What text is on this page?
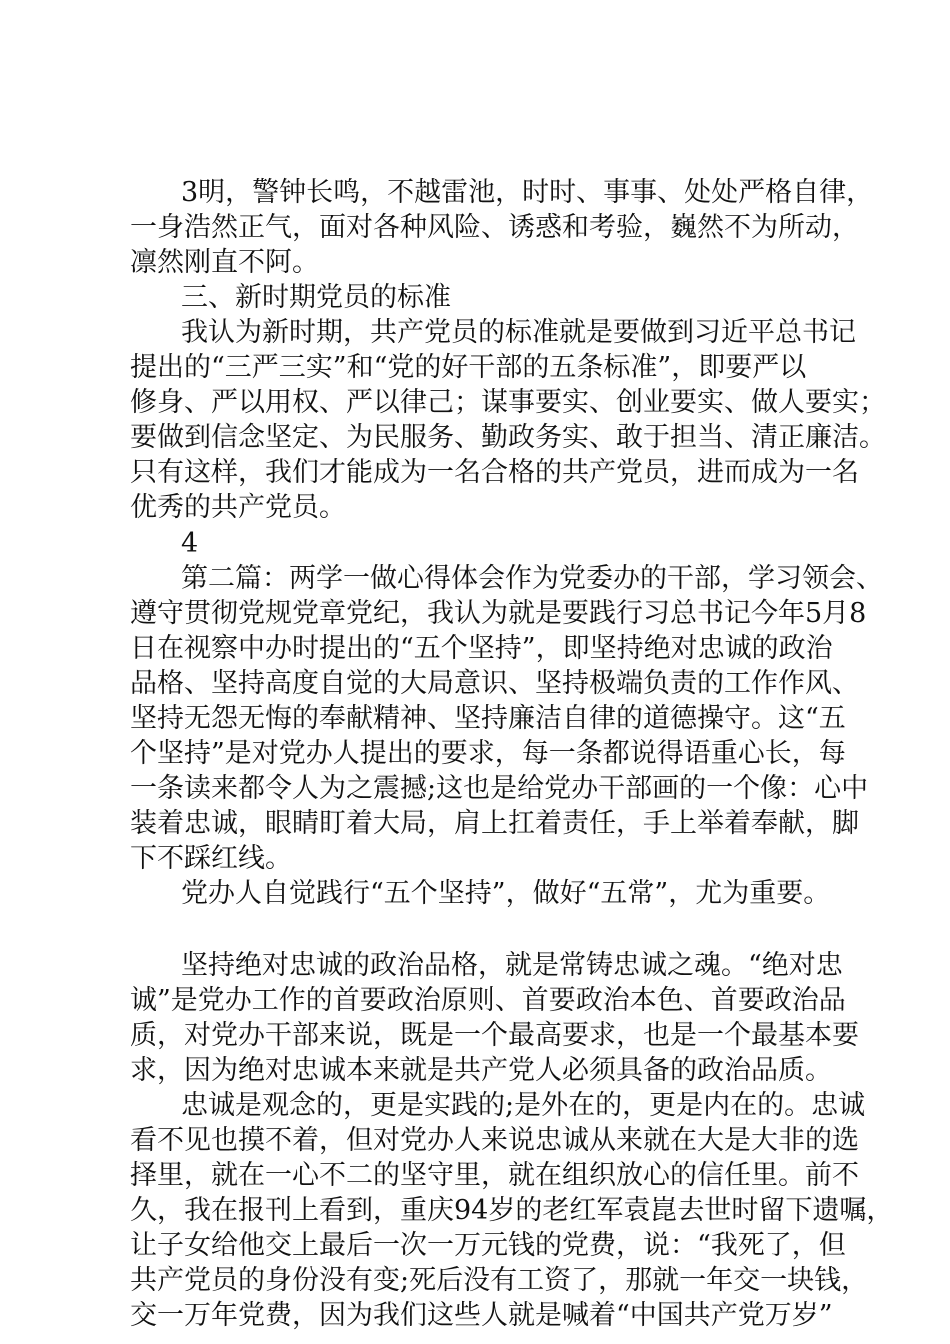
3明，警钟长鸣，不越雷池，时时、事事、处处严格自律，
一身浩然正气，面对各种风险、诱惑和考验，巍然不为所动，
凛然刚直不阿。
三、新时期党员的标准
我认为新时期，共产党员的标准就是要做到习近平总书记
提出的“三严三实”和“党的好干部的五条标准”，即要严以
修身、严以用权、严以律己；谋事要实、创业要实、做人要实；
要做到信念坚定、为民服务、勤政务实、敢于担当、清正廉洁。
只有这样，我们才能成为一名合格的共产党员，进而成为一名
优秀的共产党员。
4
第二篇：两学一做心得体会作为党委办的干部，学习领会、
遵守贯彻党规党章党纪，我认为就是要践行习总书记今年5月8
日在视察中办时提出的“五个坚持”，即坚持绝对忠诚的政治
品格、坚持高度自觉的大局意识、坚持极端负责的工作作风、
坚持无怨无悔的奉献精神、坚持廉洁自律的道德操守。这“五
个坚持”是对党办人提出的要求，每一条都说得语重心长，每
一条读来都令人为之震撼;这也是给党办干部画的一个像：心中
装着忠诚，眼睛盯着大局，肩上扛着责任，手上举着奉献，脚
下不踩红线。
党办人自觉践行“五个坚持”，做好“五常”，尤为重要。
坚持绝对忠诚的政治品格，就是常铸忠诚之魂。“绝对忠
诚”是党办工作的首要政治原则、首要政治本色、首要政治品
质，对党办干部来说，既是一个最高要求，也是一个最基本要
求，因为绝对忠诚本来就是共产党人必须具备的政治品质。
忠诚是观念的，更是实践的;是外在的，更是内在的。忠诚
看不见也摸不着，但对党办人来说忠诚从来就在大是大非的选
择里，就在一心不二的坚守里，就在组织放心的信任里。前不
久，我在报刊上看到，重庆94岁的老红军袁崑去世时留下遗嘱，
让子女给他交上最后一次一万元钱的党费，说：“我死了，但
共产党员的身份没有变;死后没有工资了，那就一年交一块钱，
交一万年党费，因为我们这些人就是喊着“中国共产党万岁”
